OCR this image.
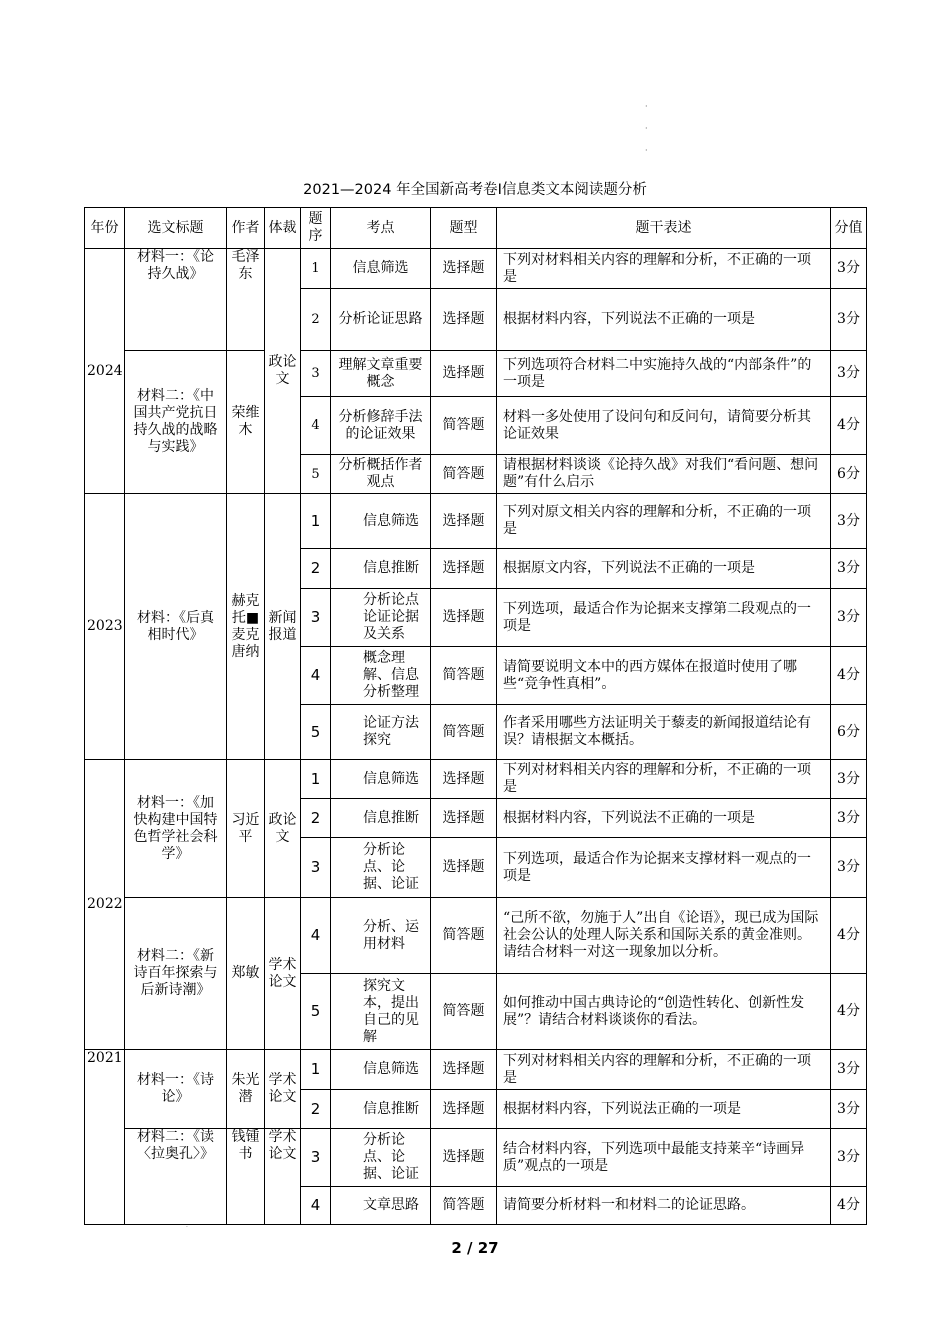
·
·
·
2021—2024 年全国新高考卷Ⅰ信息类文本阅读题分析
年份	选文标题	作者	体裁	题序	考点	题型	题干表述	分值
2024	材料一：《论持久战》	毛泽东	政论文	1	信息筛选	选择题	下列对材料相关内容的理解和分析，不正确的一项是	3分
				2	分析论证思路	选择题	根据材料内容，下列说法不正确的一项是	3分
	材料二：《中国共产党抗日持久战的战略与实践》	荣维木		3	理解文章重要概念	选择题	下列选项符合材料二中实施持久战的“内部条件”的一项是	3分
				4	分析修辞手法的论证效果	简答题	材料一多处使用了设问句和反问句，请简要分析其论证效果	4分
				5	分析概括作者观点	简答题	请根据材料谈谈《论持久战》对我们“看问题、想问题”有什么启示	6分
2023	材料：《后真相时代》	赫克托■麦克唐纳	新闻报道	1	信息筛选	选择题	下列对原文相关内容的理解和分析，不正确的一项是	3分
				2	信息推断	选择题	根据原文内容，下列说法不正确的一项是	3分
				3	分析论点论证论据及关系	选择题	下列选项，最适合作为论据来支撑第二段观点的一项是	3分
				4	概念理解、信息分析整理	简答题	请简要说明文本中的西方媒体在报道时使用了哪些“竞争性真相”。	4分
				5	论证方法探究	简答题	作者采用哪些方法证明关于藜麦的新闻报道结论有误？请根据文本概括。	6分
2022	材料一：《加快构建中国特色哲学社会科学》	习近平	政论文	1	信息筛选	选择题	下列对材料相关内容的理解和分析，不正确的一项是	3分
				2	信息推断	选择题	根据材料内容，下列说法不正确的一项是	3分
				3	分析论点、论据、论证	选择题	下列选项，最适合作为论据来支撑材料一观点的一项是	3分
	材料二：《新诗百年探索与后新诗潮》	郑敏	学术论文	4	分析、运用材料	简答题	“己所不欲，勿施于人”出自《论语》，现已成为国际社会公认的处理人际关系和国际关系的黄金准则。请结合材料一对这一现象加以分析。	4分
				5	探究文本，提出自己的见解	简答题	如何推动中国古典诗论的“创造性转化、创新性发展”？请结合材料谈谈你的看法。	4分
2021	材料一：《诗论》	朱光潜	学术论文	1	信息筛选	选择题	下列对材料相关内容的理解和分析，不正确的一项是	3分
				2	信息推断	选择题	根据材料内容，下列说法正确的一项是	3分
	材料二：《读〈拉奥孔〉》	钱锺书	学术论文	3	分析论点、论据、论证	选择题	结合材料内容，下列选项中最能支持莱辛“诗画异质”观点的一项是	3分
				4	文章思路	简答题	请简要分析材料一和材料二的论证思路。	4分
·
2 / 27
